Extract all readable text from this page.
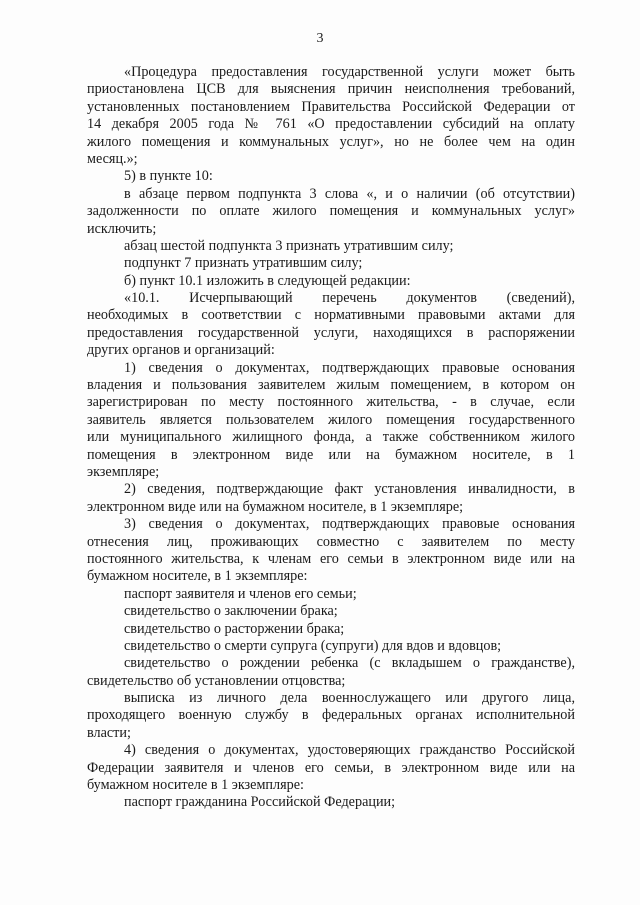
3
«Процедура предоставления государственной услуги может быть
приостановлена ЦСВ для выяснения причин неисполнения требований,
установленных постановлением Правительства Российской Федерации от
14 декабря 2005 года № 761 «О предоставлении субсидий на оплату
жилого помещения и коммунальных услуг», но не более чем на один
месяц.»;
5) в пункте 10:
в абзаце первом подпункта 3 слова «, и о наличии (об отсутствии)
задолженности по оплате жилого помещения и коммунальных услуг»
исключить;
абзац шестой подпункта 3 признать утратившим силу;
подпункт 7 признать утратившим силу;
б) пункт 10.1 изложить в следующей редакции:
«10.1. Исчерпывающий перечень документов (сведений),
необходимых в соответствии с нормативными правовыми актами для
предоставления государственной услуги, находящихся в распоряжении
других органов и организаций:
1) сведения о документах, подтверждающих правовые основания
владения и пользования заявителем жилым помещением, в котором он
зарегистрирован по месту постоянного жительства, - в случае, если
заявитель является пользователем жилого помещения государственного
или муниципального жилищного фонда, а также собственником жилого
помещения в электронном виде или на бумажном носителе, в 1
экземпляре;
2) сведения, подтверждающие факт установления инвалидности, в
электронном виде или на бумажном носителе, в 1 экземпляре;
3) сведения о документах, подтверждающих правовые основания
отнесения лиц, проживающих совместно с заявителем по месту
постоянного жительства, к членам его семьи в электронном виде или на
бумажном носителе, в 1 экземпляре:
паспорт заявителя и членов его семьи;
свидетельство о заключении брака;
свидетельство о расторжении брака;
свидетельство о смерти супруга (супруги) для вдов и вдовцов;
свидетельство о рождении ребенка (с вкладышем о гражданстве),
свидетельство об установлении отцовства;
выписка из личного дела военнослужащего или другого лица,
проходящего военную службу в федеральных органах исполнительной
власти;
4) сведения о документах, удостоверяющих гражданство Российской
Федерации заявителя и членов его семьи, в электронном виде или на
бумажном носителе в 1 экземпляре:
паспорт гражданина Российской Федерации;
